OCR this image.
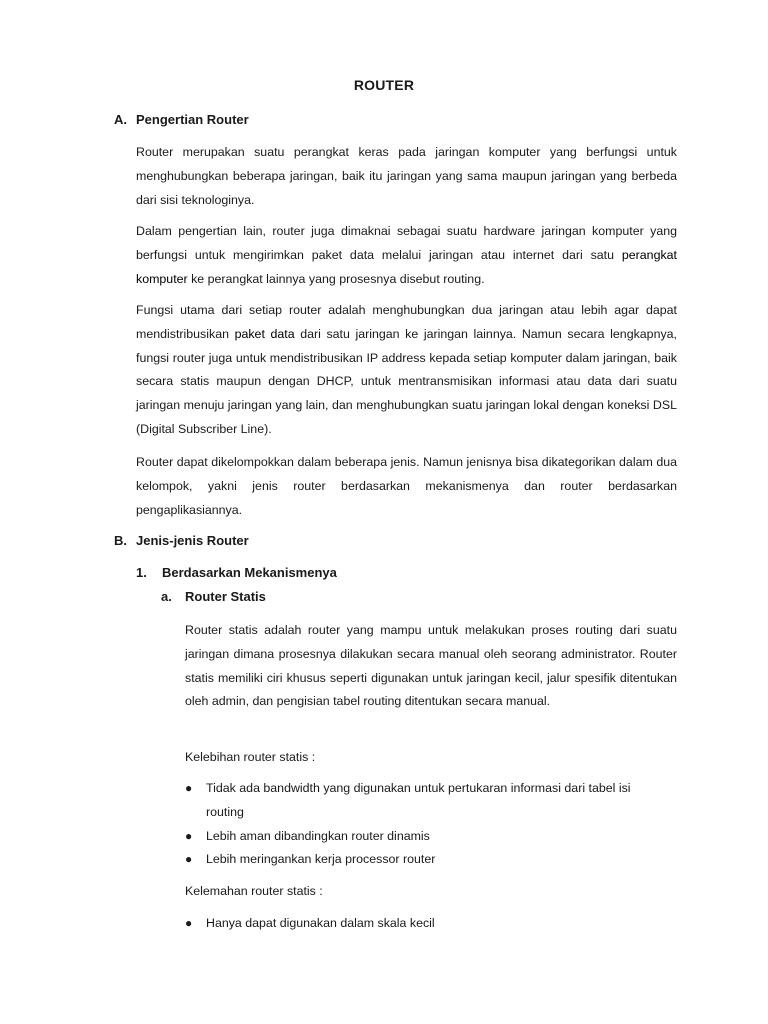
ROUTER
A. Pengertian Router
Router merupakan suatu perangkat keras pada jaringan komputer yang berfungsi untuk menghubungkan beberapa jaringan, baik itu jaringan yang sama maupun jaringan yang berbeda dari sisi teknologinya.
Dalam pengertian lain, router juga dimaknai sebagai suatu hardware jaringan komputer yang berfungsi untuk mengirimkan paket data melalui jaringan atau internet dari satu perangkat komputer ke perangkat lainnya yang prosesnya disebut routing.
Fungsi utama dari setiap router adalah menghubungkan dua jaringan atau lebih agar dapat mendistribusikan paket data dari satu jaringan ke jaringan lainnya. Namun secara lengkapnya, fungsi router juga untuk mendistribusikan IP address kepada setiap komputer dalam jaringan, baik secara statis maupun dengan DHCP, untuk mentransmisikan informasi atau data dari suatu jaringan menuju jaringan yang lain, dan menghubungkan suatu jaringan lokal dengan koneksi DSL (Digital Subscriber Line).
Router dapat dikelompokkan dalam beberapa jenis. Namun jenisnya bisa dikategorikan dalam dua kelompok, yakni jenis router berdasarkan mekanismenya dan router berdasarkan pengaplikasiannya.
B. Jenis-jenis Router
1. Berdasarkan Mekanismenya
a. Router Statis
Router statis adalah router yang mampu untuk melakukan proses routing dari suatu jaringan dimana prosesnya dilakukan secara manual oleh seorang administrator. Router statis memiliki ciri khusus seperti digunakan untuk jaringan kecil, jalur spesifik ditentukan oleh admin, dan pengisian tabel routing ditentukan secara manual.
Kelebihan router statis :
● Tidak ada bandwidth yang digunakan untuk pertukaran informasi dari tabel isi routing
● Lebih aman dibandingkan router dinamis
● Lebih meringankan kerja processor router
Kelemahan router statis :
● Hanya dapat digunakan dalam skala kecil
